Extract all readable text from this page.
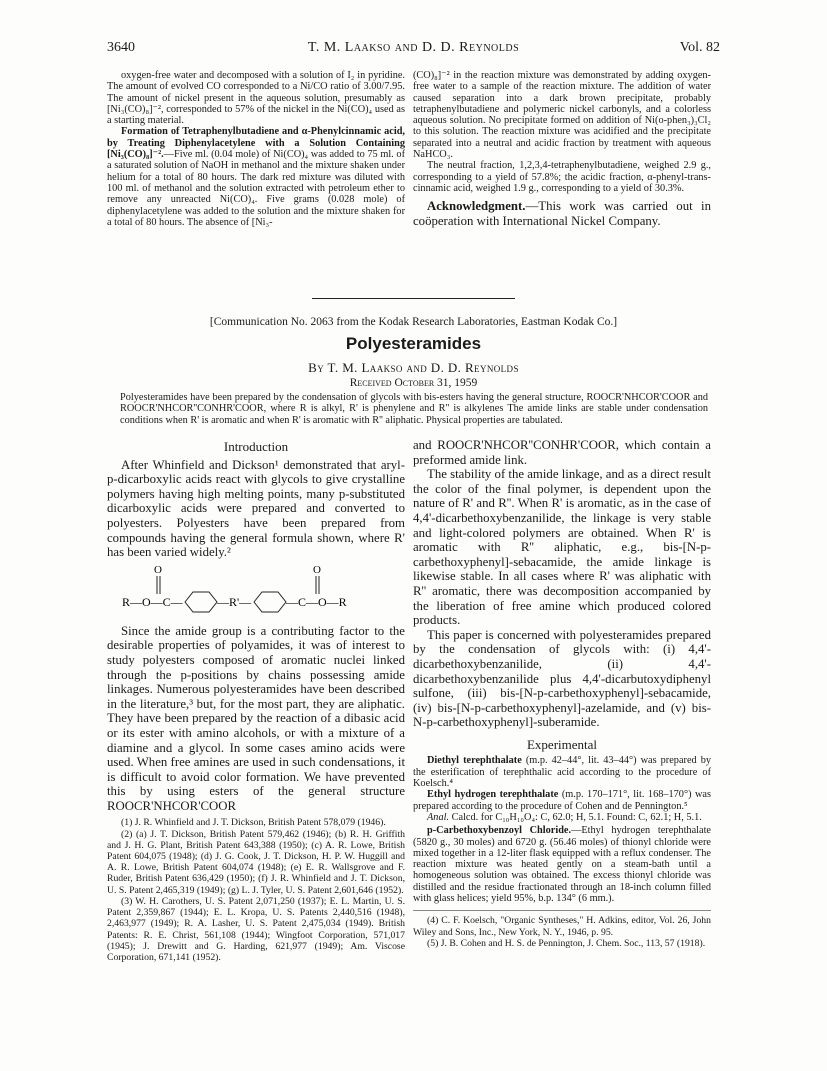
3640	T. M. Laakso and D. D. Reynolds	Vol. 82

oxygen-free water and decomposed with a solution of I₂ in pyridine. The amount of evolved CO corresponded to a Ni/CO ratio of 3.00/7.95. The amount of nickel present in the aqueous solution, presumably as [Ni₃(CO)₈]⁻², corresponded to 57% of the nickel in the Ni(CO)₄ used as a starting material.

Formation of Tetraphenylbutadiene and α-Phenylcinnamic acid, by Treating Diphenylacetylene with a Solution Containing [Ni₃(CO)₈]⁻².—Five ml. (0.04 mole) of Ni(CO)₄ was added to 75 ml. of a saturated solution of NaOH in methanol and the mixture shaken under helium for a total of 80 hours. The dark red mixture was diluted with 100 ml. of methanol and the solution extracted with petroleum ether to remove any unreacted Ni(CO)₄. Five grams (0.028 mole) of diphenylacetylene was added to the solution and the mixture shaken for a total of 80 hours. The absence of [Ni₃-

(CO)₈]⁻² in the reaction mixture was demonstrated by adding oxygen-free water to a sample of the reaction mixture. The addition of water caused separation into a dark brown precipitate, probably tetraphenylbutadiene and polymeric nickel carbonyls, and a colorless aqueous solution. No precipitate formed on addition of Ni(o-phen₃)₃Cl₂ to this solution. The reaction mixture was acidified and the precipitate separated into a neutral and acidic fraction by treatment with aqueous NaHCO₃.

The neutral fraction, 1,2,3,4-tetraphenylbutadiene, weighed 2.9 g., corresponding to a yield of 57.8%; the acidic fraction, α-phenyl-trans-cinnamic acid, weighed 1.9 g., corresponding to a yield of 30.3%.

Acknowledgment.—This work was carried out in coöperation with International Nickel Company.

[Communication No. 2063 from the Kodak Research Laboratories, Eastman Kodak Co.]
Polyesteramides
By T. M. Laakso and D. D. Reynolds
Received October 31, 1959
Polyesteramides have been prepared by the condensation of glycols with bis-esters having the general structure, ROOCR'NHCOR'COOR and ROOCR'NHCOR''CONHR'COOR, where R is alkyl, R' is phenylene and R'' is alkylenes The amide links are stable under condensation conditions when R' is aromatic and when R' is aromatic with R'' aliphatic. Physical properties are tabulated.
Introduction

After Whinfield and Dickson¹ demonstrated that aryl-p-dicarboxylic acids react with glycols to give crystalline polymers having high melting points, many p-substituted dicarboxylic acids were prepared and converted to polyesters. Polyesters have been prepared from compounds having the general formula shown, where R' has been varied widely.²

O	O
R—O—C—	—R'—	—C—O—R

Since the amide group is a contributing factor to the desirable properties of polyamides, it was of interest to study polyesters composed of aromatic nuclei linked through the p-positions by chains possessing amide linkages. Numerous polyesteramides have been described in the literature,³ but, for the most part, they are aliphatic. They have been prepared by the reaction of a dibasic acid or its ester with amino alcohols, or with a mixture of a diamine and a glycol. In some cases amino acids were used. When free amines are used in such condensations, it is difficult to avoid color formation. We have prevented this by using esters of the general structure ROOCR'NHCOR'COOR

(1) J. R. Whinfield and J. T. Dickson, British Patent 578,079 (1946).

(2) (a) J. T. Dickson, British Patent 579,462 (1946); (b) R. H. Griffith and J. H. G. Plant, British Patent 643,388 (1950); (c) A. R. Lowe, British Patent 604,075 (1948); (d) J. G. Cook, J. T. Dickson, H. P. W. Huggill and A. R. Lowe, British Patent 604,074 (1948); (e) E. R. Wallsgrove and F. Ruder, British Patent 636,429 (1950); (f) J. R. Whinfield and J. T. Dickson, U. S. Patent 2,465,319 (1949); (g) L. J. Tyler, U. S. Patent 2,601,646 (1952).

(3) W. H. Carothers, U. S. Patent 2,071,250 (1937); E. L. Martin, U. S. Patent 2,359,867 (1944); E. L. Kropa, U. S. Patents 2,440,516 (1948), 2,463,977 (1949); R. A. Lasher, U. S. Patent 2,475,034 (1949). British Patents: R. E. Christ, 561,108 (1944); Wingfoot Corporation, 571,017 (1945); J. Drewitt and G. Harding, 621,977 (1949); Am. Viscose Corporation, 671,141 (1952).

and ROOCR'NHCOR''CONHR'COOR, which contain a preformed amide link.

The stability of the amide linkage, and as a direct result the color of the final polymer, is dependent upon the nature of R' and R''. When R' is aromatic, as in the case of 4,4'-dicarbethoxybenzanilide, the linkage is very stable and light-colored polymers are obtained. When R' is aromatic with R'' aliphatic, e.g., bis-[N-p-carbethoxyphenyl]-sebacamide, the amide linkage is likewise stable. In all cases where R' was aliphatic with R'' aromatic, there was decomposition accompanied by the liberation of free amine which produced colored products.

This paper is concerned with polyesteramides prepared by the condensation of glycols with: (i) 4,4'-dicarbethoxybenzanilide, (ii) 4,4'-dicarbethoxybenzanilide plus 4,4'-dicarbutoxydiphenyl sulfone, (iii) bis-[N-p-carbethoxyphenyl]-sebacamide, (iv) bis-[N-p-carbethoxyphenyl]-azelamide, and (v) bis-N-p-carbethoxyphenyl]-suberamide.

Experimental

Diethyl terephthalate (m.p. 42–44°, lit. 43–44°) was prepared by the esterification of terephthalic acid according to the procedure of Koelsch.⁴

Ethyl hydrogen terephthalate (m.p. 170–171°, lit. 168–170°) was prepared according to the procedure of Cohen and de Pennington.⁵

Anal. Calcd. for C₁₀H₁₀O₄: C, 62.0; H, 5.1. Found: C, 62.1; H, 5.1.

p-Carbethoxybenzoyl Chloride.—Ethyl hydrogen terephthalate (5820 g., 30 moles) and 6720 g. (56.46 moles) of thionyl chloride were mixed together in a 12-liter flask equipped with a reflux condenser. The reaction mixture was heated gently on a steam-bath until a homogeneous solution was obtained. The excess thionyl chloride was distilled and the residue fractionated through an 18-inch column filled with glass helices; yield 95%, b.p. 134° (6 mm.).

(4) C. F. Koelsch, "Organic Syntheses," H. Adkins, editor, Vol. 26, John Wiley and Sons, Inc., New York, N. Y., 1946, p. 95.

(5) J. B. Cohen and H. S. de Pennington, J. Chem. Soc., 113, 57 (1918).
